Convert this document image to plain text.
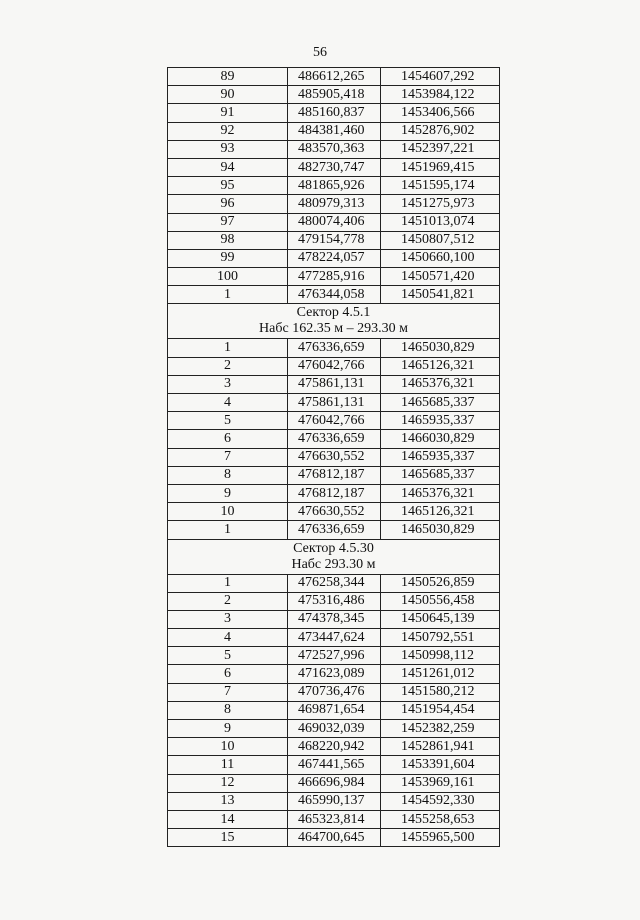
56
89	486612,265	1454607,292
90	485905,418	1453984,122
91	485160,837	1453406,566
92	484381,460	1452876,902
93	483570,363	1452397,221
94	482730,747	1451969,415
95	481865,926	1451595,174
96	480979,313	1451275,973
97	480074,406	1451013,074
98	479154,778	1450807,512
99	478224,057	1450660,100
100	477285,916	1450571,420
1	476344,058	1450541,821

Сектор 4.5.1
Набс 162.35 м – 293.30 м		

1	476336,659	1465030,829
2	476042,766	1465126,321
3	475861,131	1465376,321
4	475861,131	1465685,337
5	476042,766	1465935,337
6	476336,659	1466030,829
7	476630,552	1465935,337
8	476812,187	1465685,337
9	476812,187	1465376,321
10	476630,552	1465126,321
1	476336,659	1465030,829

Сектор 4.5.30
Набс 293.30 м		

1	476258,344	1450526,859
2	475316,486	1450556,458
3	474378,345	1450645,139
4	473447,624	1450792,551
5	472527,996	1450998,112
6	471623,089	1451261,012
7	470736,476	1451580,212
8	469871,654	1451954,454
9	469032,039	1452382,259
10	468220,942	1452861,941
11	467441,565	1453391,604
12	466696,984	1453969,161
13	465990,137	1454592,330
14	465323,814	1455258,653
15	464700,645	1455965,500
